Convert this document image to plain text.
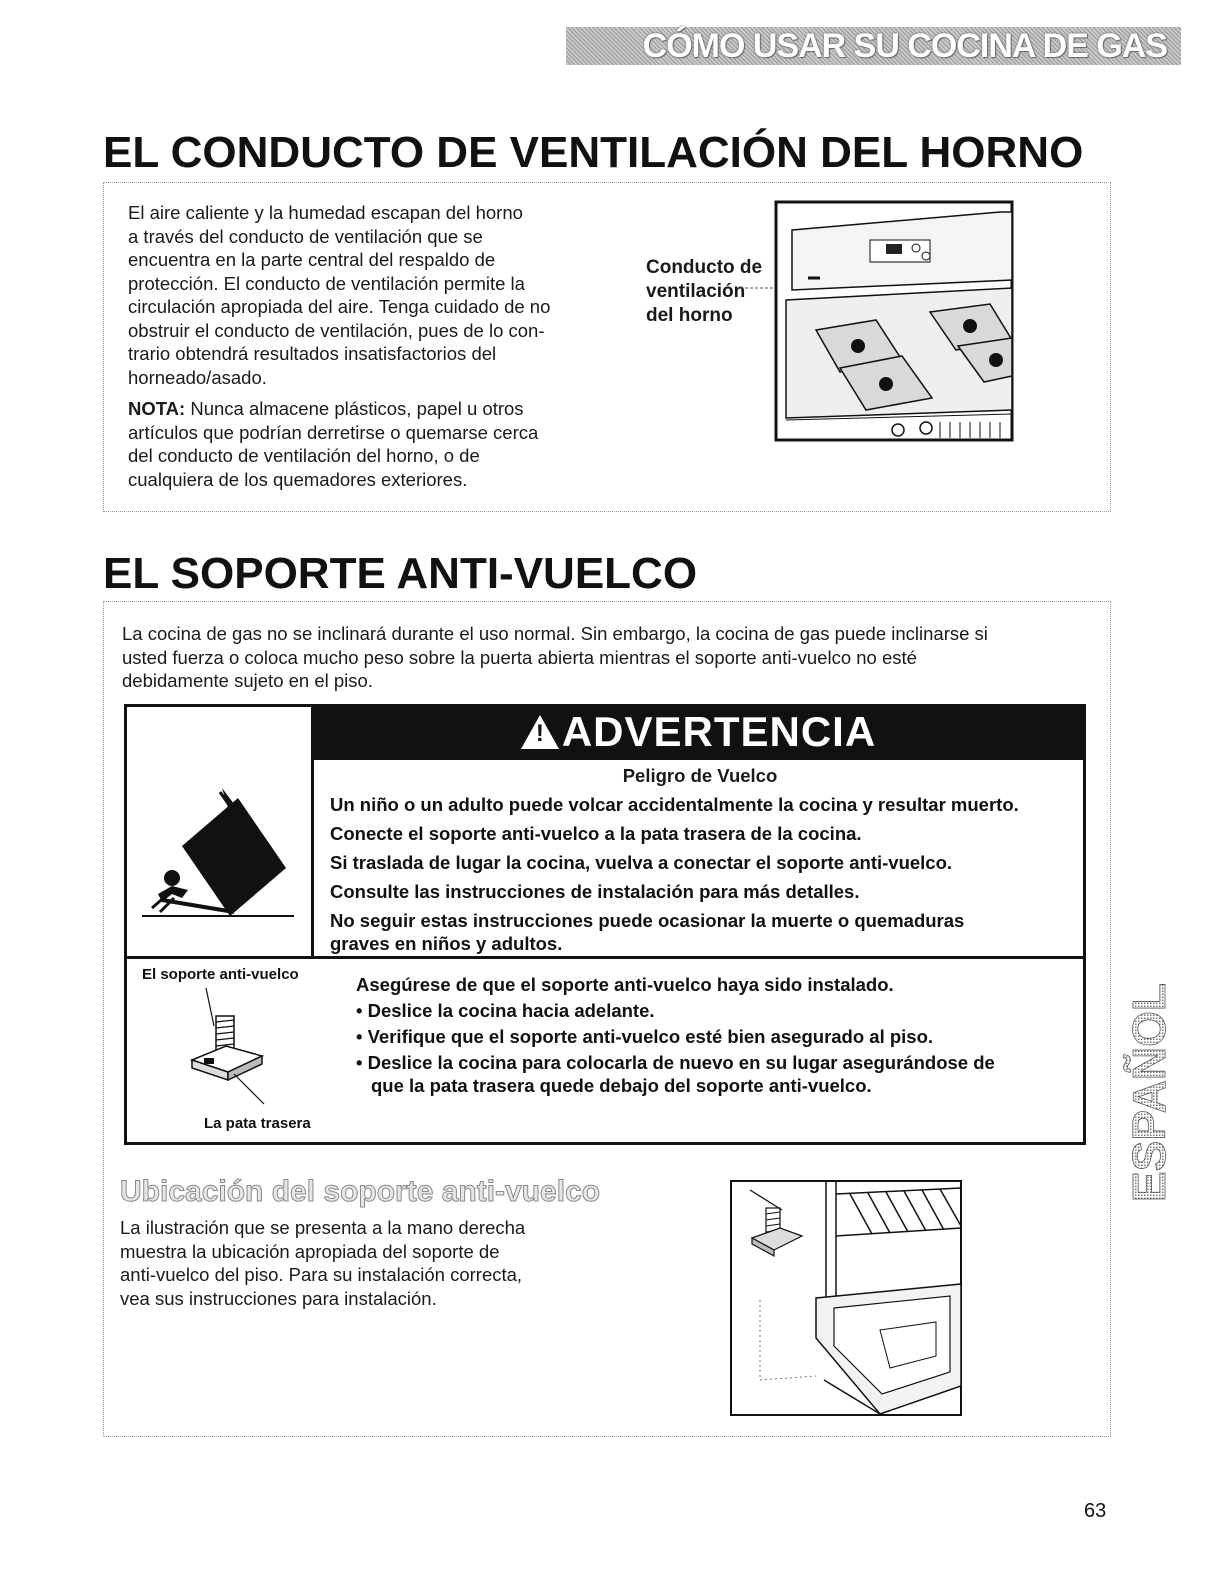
CÓMO USAR SU COCINA DE GAS
EL CONDUCTO DE VENTILACIÓN DEL HORNO

El aire caliente y la humedad escapan del horno

a través del conducto de ventilación que se

encuentra en la parte central del respaldo de

protección. El conducto de ventilación permite la

circulación apropiada del aire. Tenga cuidado de no

obstruir el conducto de ventilación, pues de lo con-

trario obtendrá resultados insatisfactorios del

horneado/asado.

NOTA: Nunca almacene plásticos, papel u otros

artículos que podrían derretirse o quemarse cerca

del conducto de ventilación del horno, o de

cualquiera de los quemadores exteriores.

Conducto de
ventilación
del horno
EL SOPORTE ANTI-VUELCO

La cocina de gas no se inclinará durante el uso normal. Sin embargo, la cocina de gas puede inclinarse si

usted fuerza o coloca mucho peso sobre la puerta abierta mientras el soporte anti-vuelco no esté

debidamente sujeto en el piso.

!
ADVERTENCIA
Peligro de Vuelco
Un niño o un adulto puede volcar accidentalmente la cocina y resultar muerto.
Conecte el soporte anti-vuelco a la pata trasera de la cocina.
Si traslada de lugar la cocina, vuelva a conectar el soporte anti-vuelco.
Consulte las instrucciones de instalación para más detalles.
No seguir estas instrucciones puede ocasionar la muerte o quemaduras
graves en niños y adultos.
El soporte anti-vuelco
La pata trasera
Asegúrese de que el soporte anti-vuelco haya sido instalado.
• Deslice la cocina hacia adelante.
• Verifique que el soporte anti-vuelco esté bien asegurado al piso.
• Deslice la cocina para colocarla de nuevo en su lugar asegurándose de
que la pata trasera quede debajo del soporte anti-vuelco.
Ubicación del soporte anti-vuelco

La ilustración que se presenta a la mano derecha

muestra la ubicación apropiada del soporte de

anti-vuelco del piso. Para su instalación correcta,

vea sus instrucciones para instalación.

ESPAÑOL
63
